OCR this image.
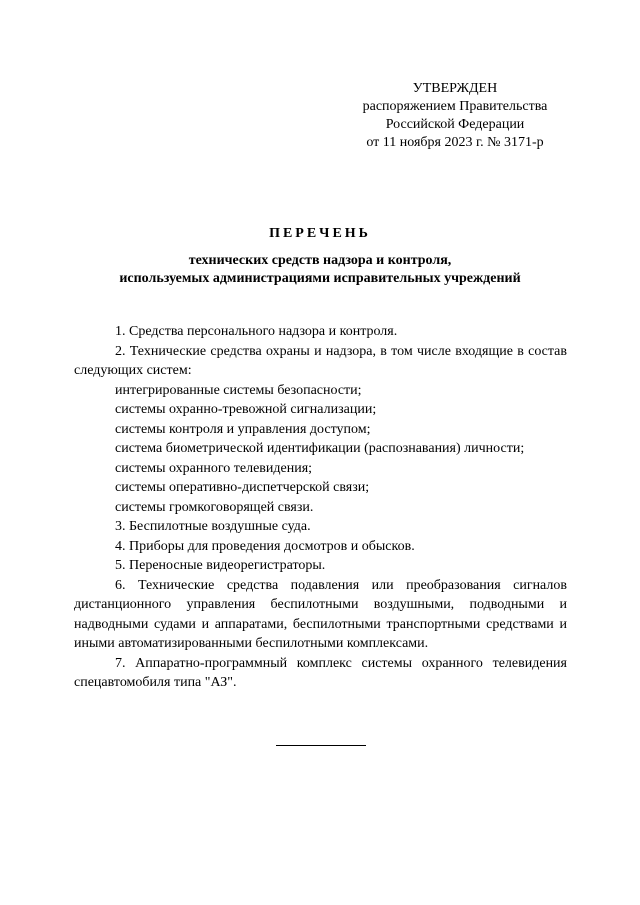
УТВЕРЖДЕН
распоряжением Правительства
Российской Федерации
от 11 ноября 2023 г. № 3171-р
ПЕРЕЧЕНЬ
технических средств надзора и контроля,
используемых администрациями исправительных учреждений

1. Средства персонального надзора и контроля.

2. Технические средства охраны и надзора, в том числе входящие в состав следующих систем:

интегрированные системы безопасности;

системы охранно-тревожной сигнализации;

системы контроля и управления доступом;

система биометрической идентификации (распознавания) личности;

системы охранного телевидения;

системы оперативно-диспетчерской связи;

системы громкоговорящей связи.

3. Беспилотные воздушные суда.

4. Приборы для проведения досмотров и обысков.

5. Переносные видеорегистраторы.

6. Технические средства подавления или преобразования сигналов дистанционного управления беспилотными воздушными, подводными и надводными судами и аппаратами, беспилотными транспортными средствами и иными автоматизированными беспилотными комплексами.

7. Аппаратно-программный комплекс системы охранного телевидения спецавтомобиля типа "АЗ".
